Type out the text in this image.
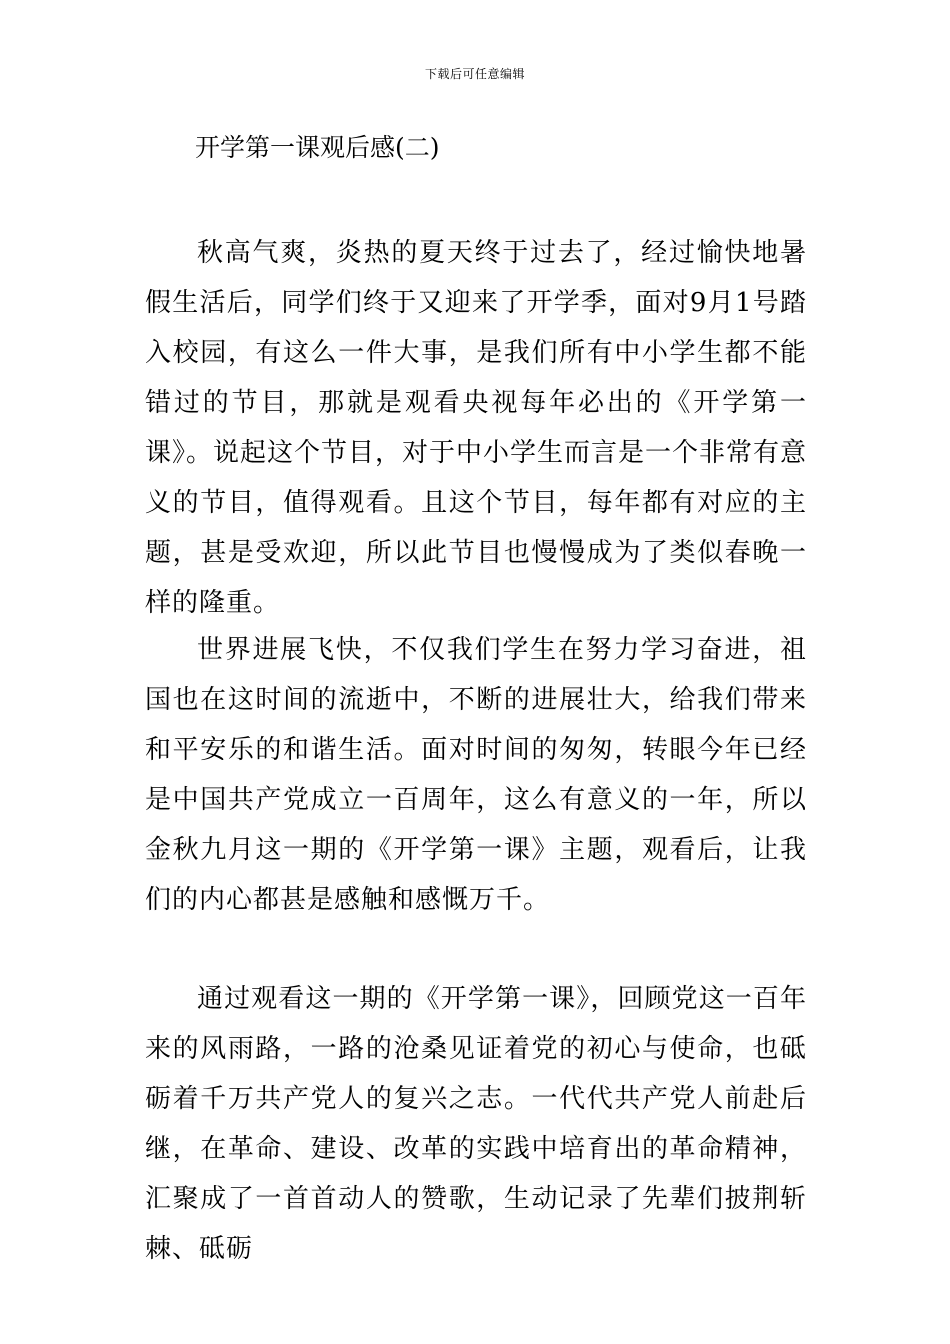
下载后可任意编辑
开学第一课观后感(二)

秋高气爽，炎热的夏天终于过去了，经过愉快地暑假生活后，同学们终于又迎来了开学季，面对9月1号踏入校园，有这么一件大事，是我们所有中小学生都不能错过的节目，那就是观看央视每年必出的《开学第一课》。说起这个节目，对于中小学生而言是一个非常有意义的节目，值得观看。且这个节目，每年都有对应的主题，甚是受欢迎，所以此节目也慢慢成为了类似春晚一样的隆重。

世界进展飞快，不仅我们学生在努力学习奋进，祖国也在这时间的流逝中，不断的进展壮大，给我们带来和平安乐的和谐生活。面对时间的匆匆，转眼今年已经是中国共产党成立一百周年，这么有意义的一年，所以金秋九月这一期的《开学第一课》主题，观看后，让我们的内心都甚是感触和感慨万千。

通过观看这一期的《开学第一课》，回顾党这一百年来的风雨路，一路的沧桑见证着党的初心与使命，也砥砺着千万共产党人的复兴之志。一代代共产党人前赴后继，在革命、建设、改革的实践中培育出的革命精神，汇聚成了一首首动人的赞歌，生动记录了先辈们披荆斩棘、砥砺
